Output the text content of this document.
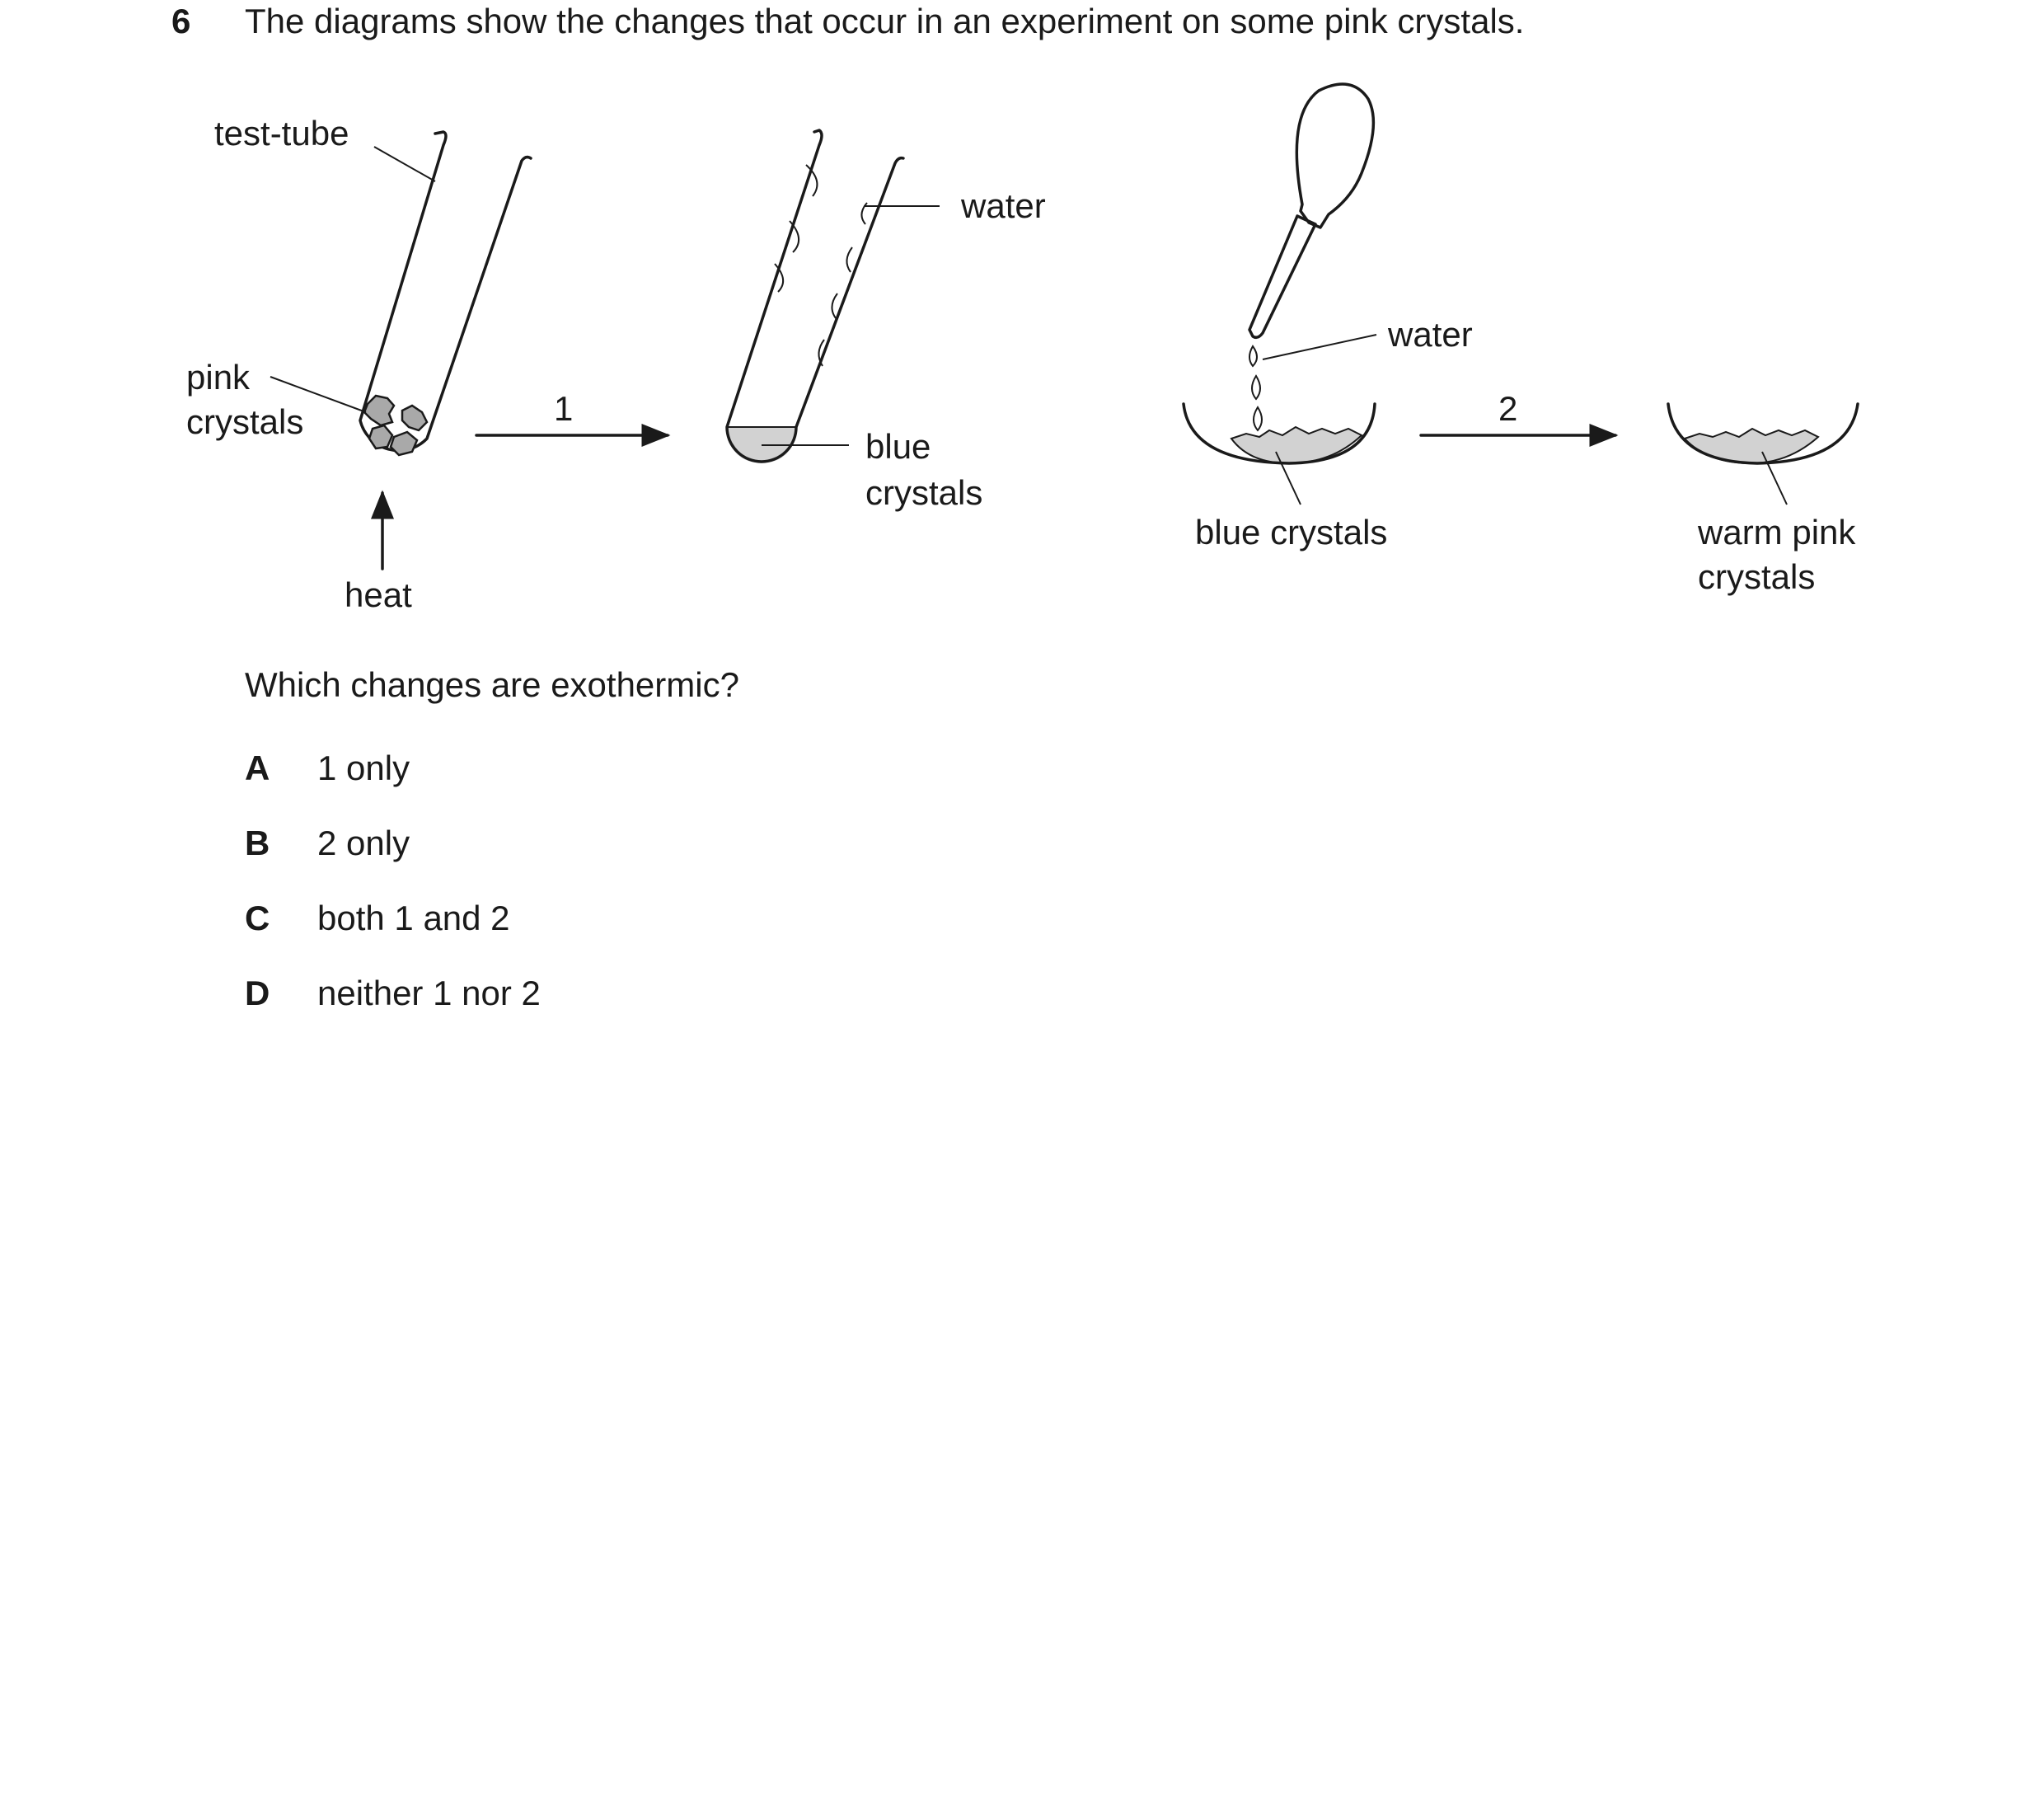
6 The diagrams show the changes that occur in an experiment on some pink crystals.
test-tube
pink
crystals
heat
1
water
blue
crystals
water
blue crystals
2
warm pink
crystals
Which changes are exothermic?
A 1 only
B 2 only
C both 1 and 2
D neither 1 nor 2
